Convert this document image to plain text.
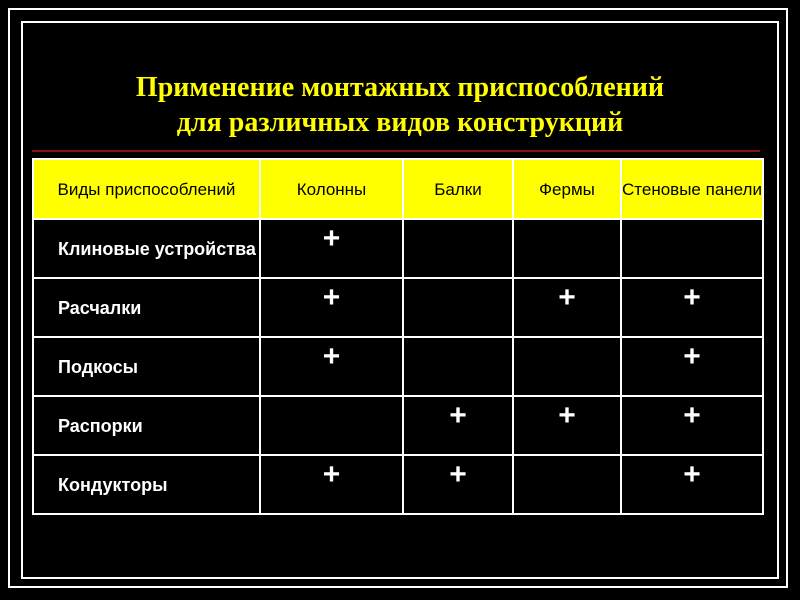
Применение монтажных приспособлений
для различных видов конструкций
Виды приспособлений	Колонны	Балки	Фермы	Стеновые панели
Клиновые устройства	+			
Расчалки	+		+	+
Подкосы	+			+
Распорки		+	+	+
Кондукторы	+	+		+
